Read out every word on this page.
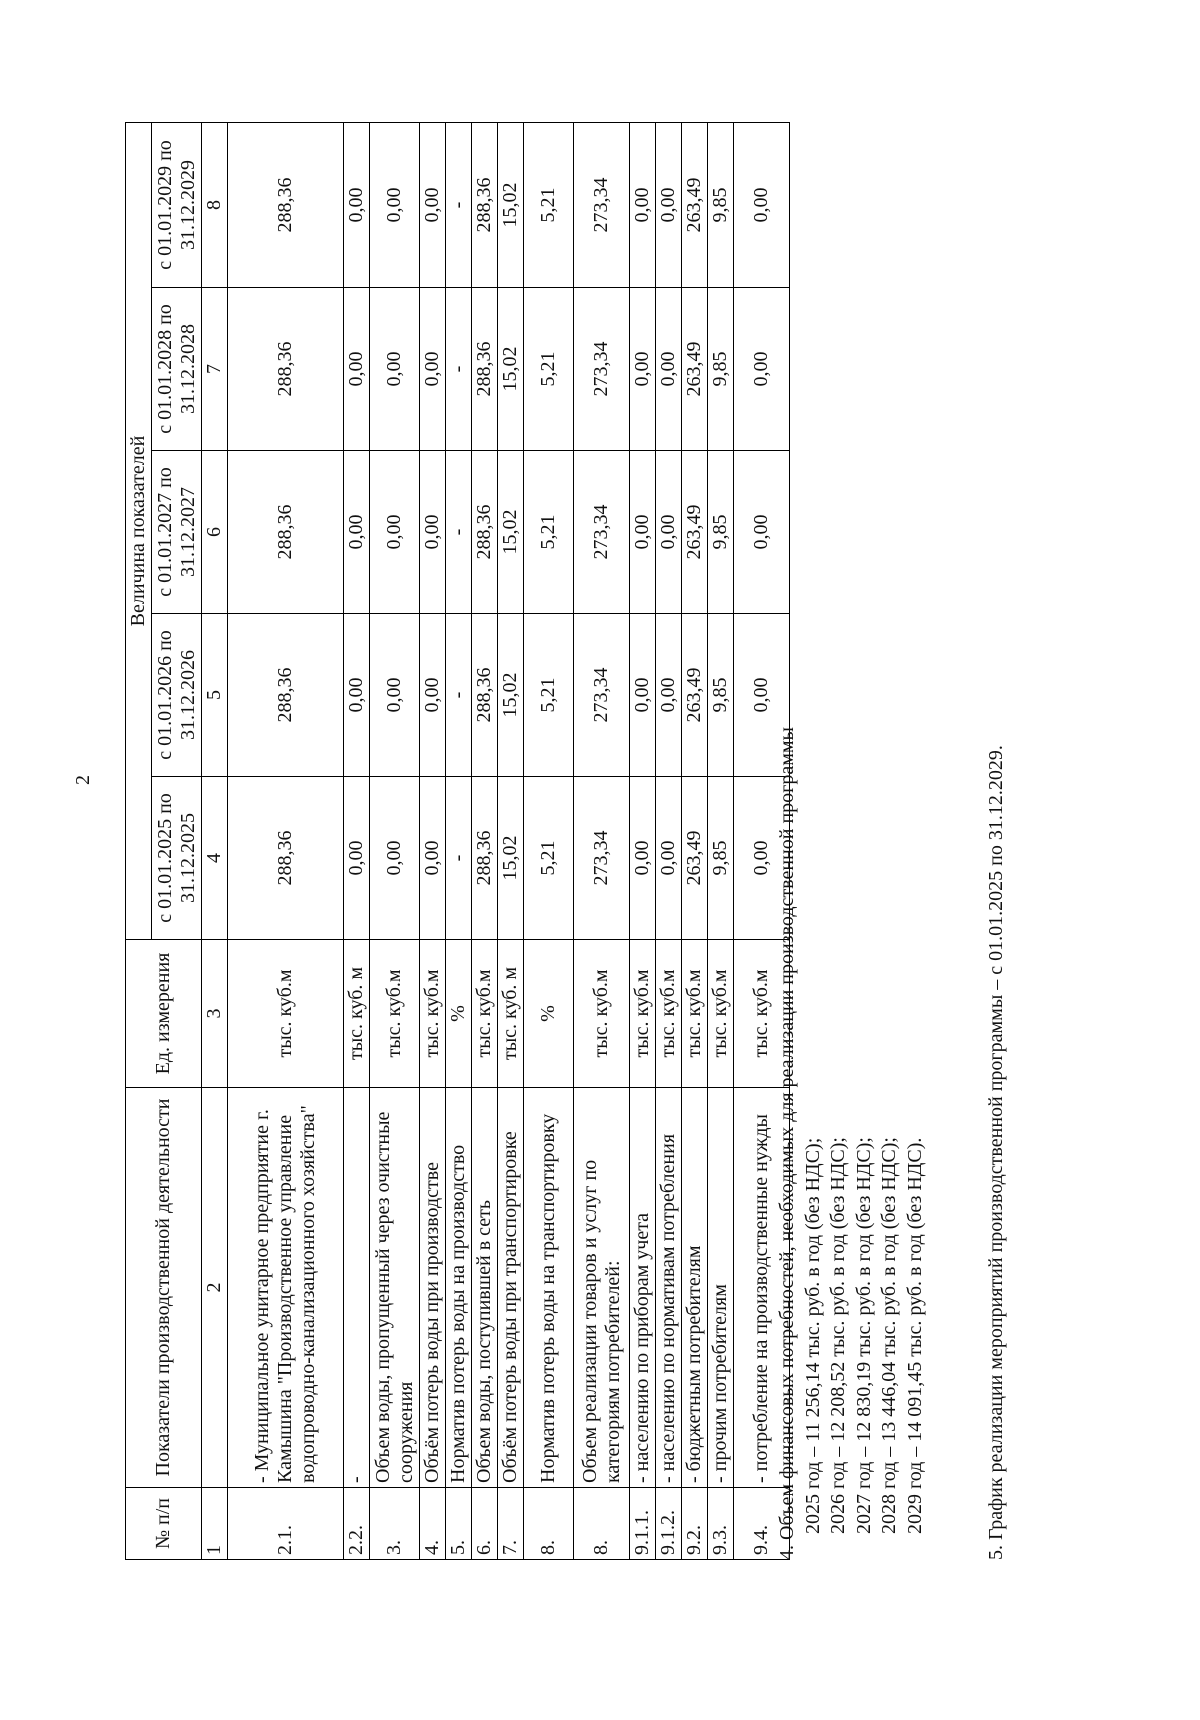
2
№ п/п	Показатели производственной деятельности	Ед. измерения	Величина показателей				
			с 01.01.2025 по 31.12.2025	с 01.01.2026 по 31.12.2026	с 01.01.2027 по 31.12.2027	с 01.01.2028 по 31.12.2028	с 01.01.2029 по 31.12.2029
1	2	3	4	5	6	7	8
2.1.	- Муниципальное унитарное предприятие г. Камышина "Производственное управление водопроводно-канализационного хозяйства"	тыс. куб.м	288,36	288,36	288,36	288,36	288,36
2.2.	-	тыс. куб. м	0,00	0,00	0,00	0,00	0,00
3.	Объем воды, пропущенный через очистные сооружения	тыс. куб.м	0,00	0,00	0,00	0,00	0,00
4.	Объём потерь воды при производстве	тыс. куб.м	0,00	0,00	0,00	0,00	0,00
5.	Норматив потерь воды на производство	%	-	-	-	-	-
6.	Объем воды, поступившей в сеть	тыс. куб.м	288,36	288,36	288,36	288,36	288,36
7.	Объём потерь воды при транспортировке	тыс. куб. м	15,02	15,02	15,02	15,02	15,02
8.	Норматив потерь воды на транспортировку	%	5,21	5,21	5,21	5,21	5,21
8.	Объем реализации товаров и услуг по категориям потребителей:	тыс. куб.м	273,34	273,34	273,34	273,34	273,34
9.1.1.	- населению по приборам учета	тыс. куб.м	0,00	0,00	0,00	0,00	0,00
9.1.2.	- населению по нормативам потребления	тыс. куб.м	0,00	0,00	0,00	0,00	0,00
9.2.	- бюджетным потребителям	тыс. куб.м	263,49	263,49	263,49	263,49	263,49
9.3.	- прочим потребителям	тыс. куб.м	9,85	9,85	9,85	9,85	9,85
9.4.	- потребление на производственные нужды	тыс. куб.м	0,00	0,00	0,00	0,00	0,00

4. Объем финансовых потребностей, необходимых для реализации производственной программы 2025 год – 11 256,14 тыс. руб. в год (без НДС); 2026 год – 12 208,52 тыс. руб. в год (без НДС); 2027 год – 12 830,19 тыс. руб. в год (без НДС); 2028 год – 13 446,04 тыс. руб. в год (без НДС); 2029 год – 14 091,45 тыс. руб. в год (без НДС).	5. График реализации мероприятий производственной программы – с 01.01.2025 по 31.12.2029.
